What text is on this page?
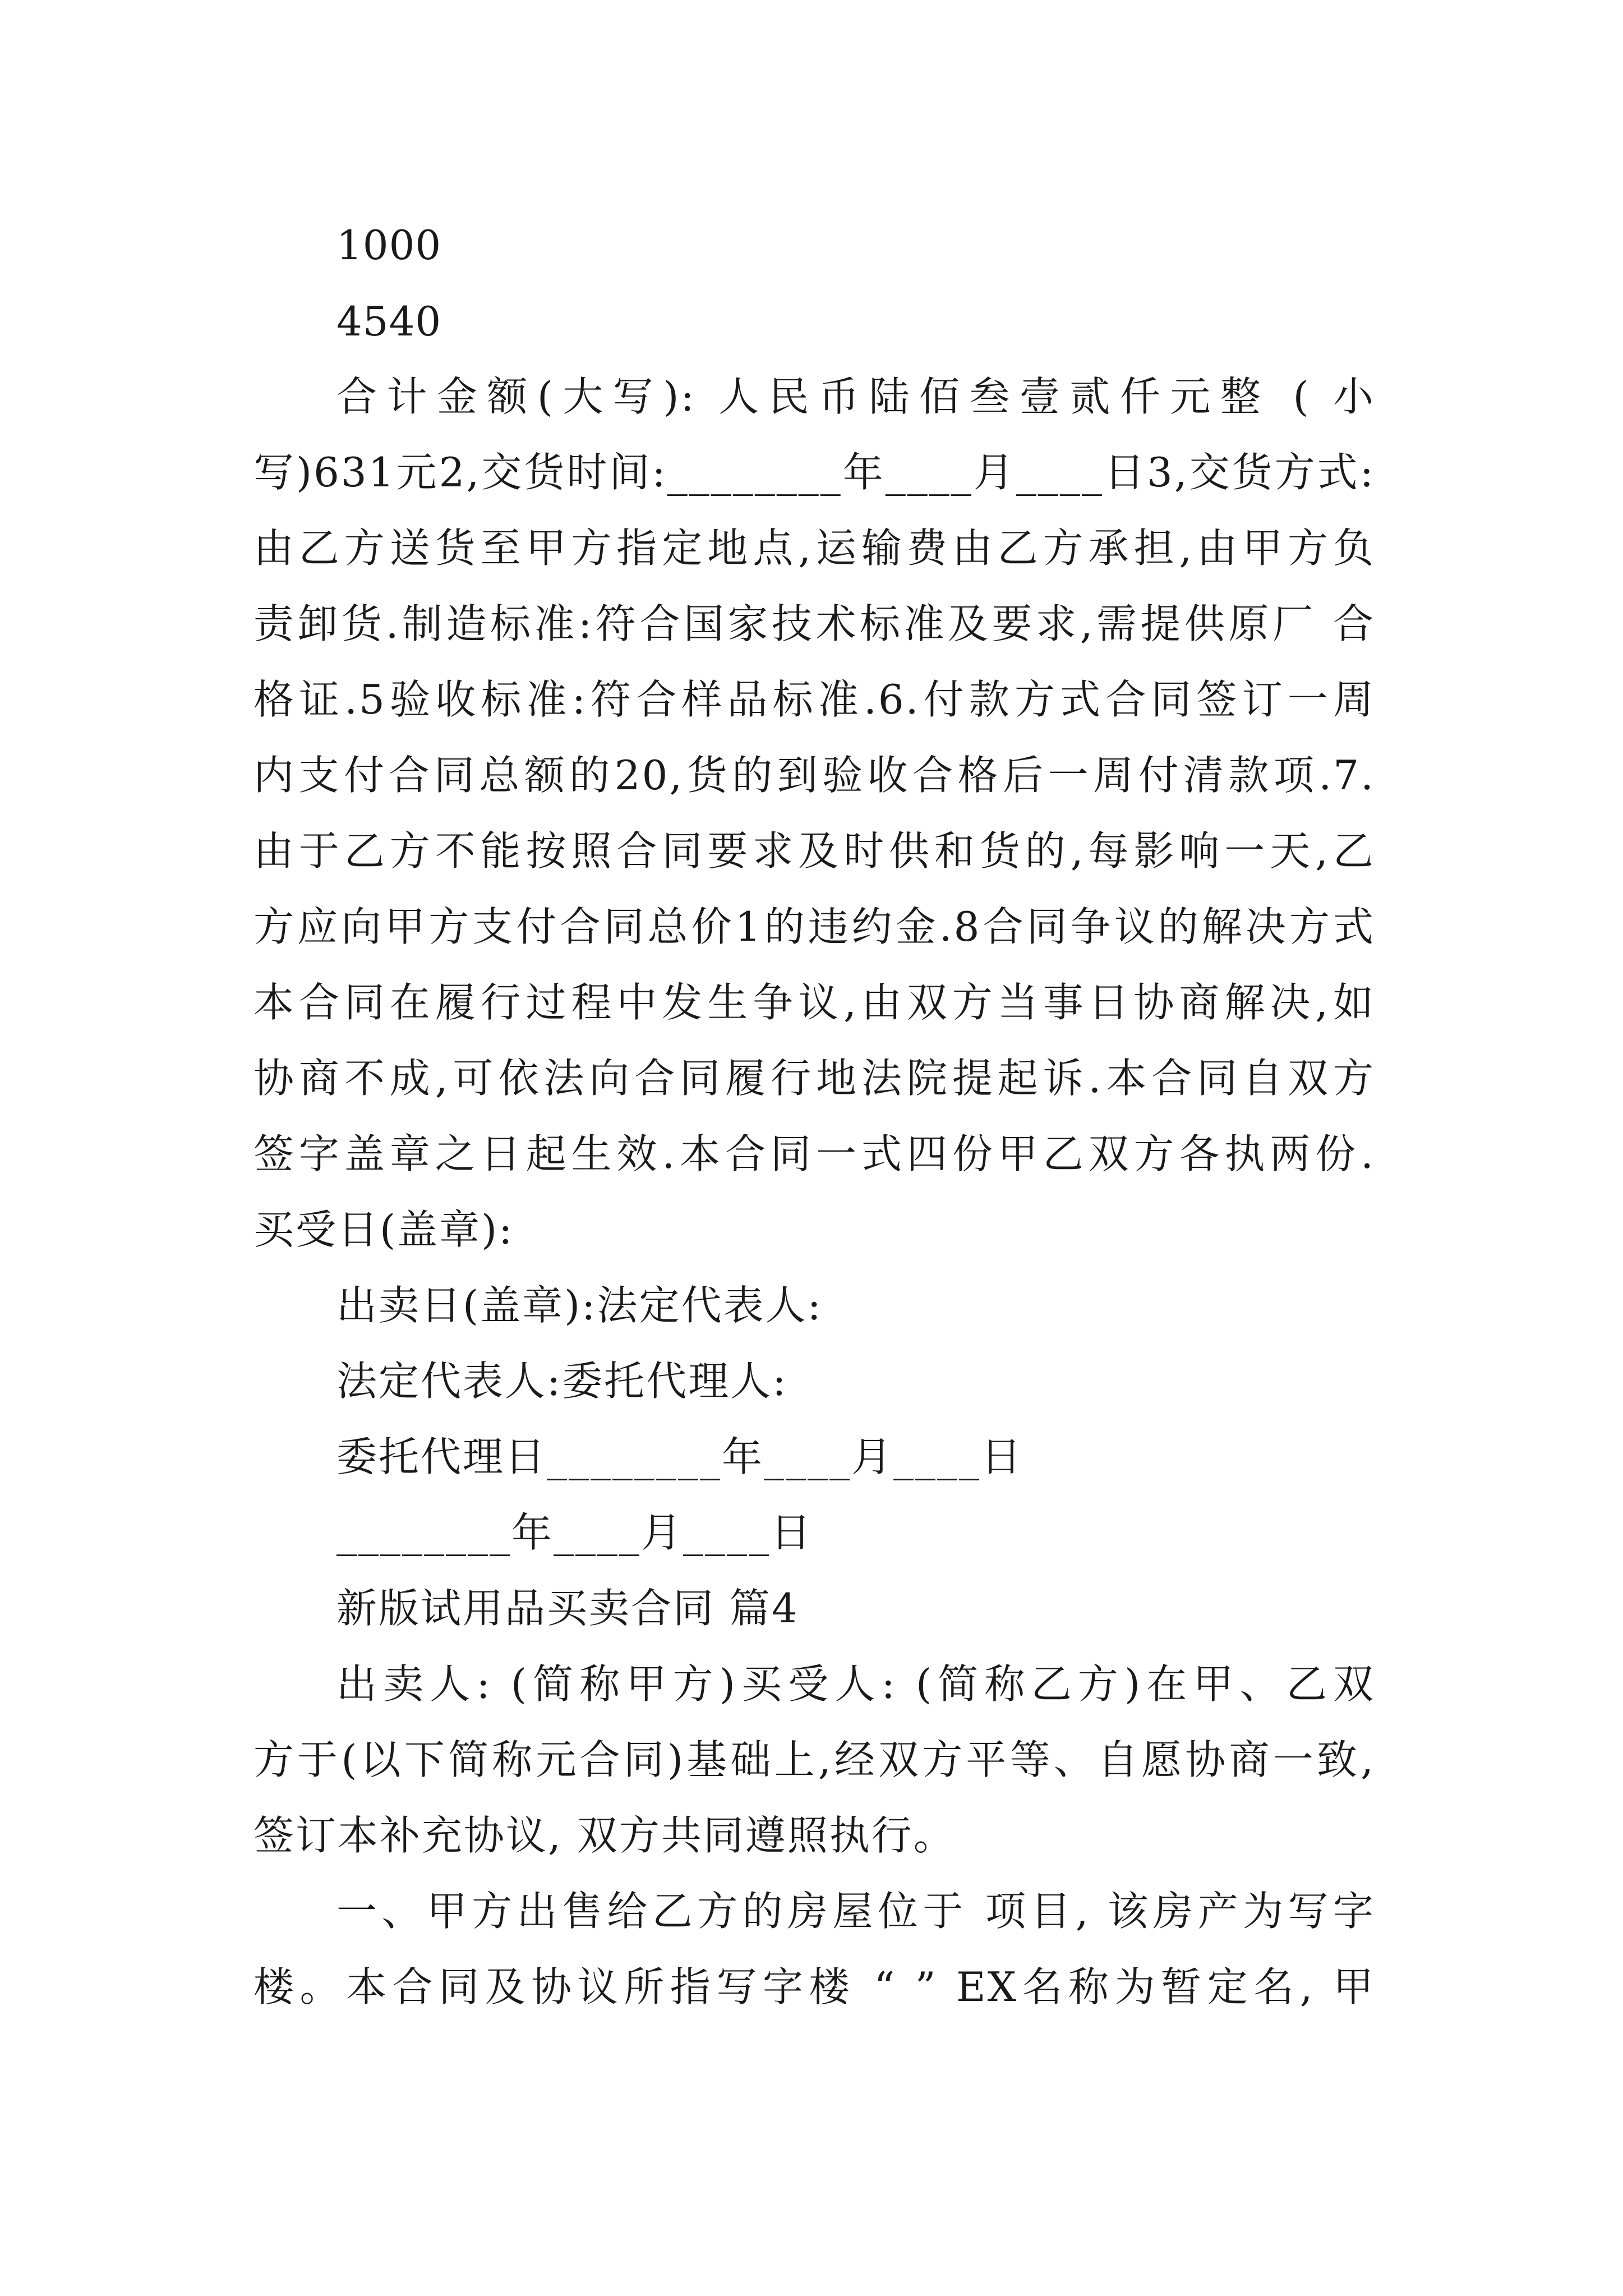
1000
4540
合计金额(大写): 人民币陆佰叁壹贰仟元整 ( 小
写)631元2,交货时间:________年____月____日3,交货方式:
由乙方送货至甲方指定地点,运输费由乙方承担,由甲方负
责卸货.制造标准:符合国家技术标准及要求,需提供原厂 合
格证.5验收标准:符合样品标准.6.付款方式合同签订一周
内支付合同总额的20,货的到验收合格后一周付清款项.7.
由于乙方不能按照合同要求及时供和货的,每影响一天,乙
方应向甲方支付合同总价1的违约金.8合同争议的解决方式
本合同在履行过程中发生争议,由双方当事日协商解决,如
协商不成,可依法向合同履行地法院提起诉.本合同自双方
签字盖章之日起生效.本合同一式四份甲乙双方各执两份.
买受日(盖章):
出卖日(盖章):法定代表人:
法定代表人:委托代理人:
委托代理日________年____月____日
________年____月____日
新版试用品买卖合同 篇4
出卖人: (简称甲方)买受人: (简称乙方)在甲、乙双
方于(以下简称元合同)基础上,经双方平等、自愿协商一致,
签订本补充协议, 双方共同遵照执行。
一、甲方出售给乙方的房屋位于 项目, 该房产为写字
楼。本合同及协议所指写字楼 “ ” EX名称为暂定名, 甲
